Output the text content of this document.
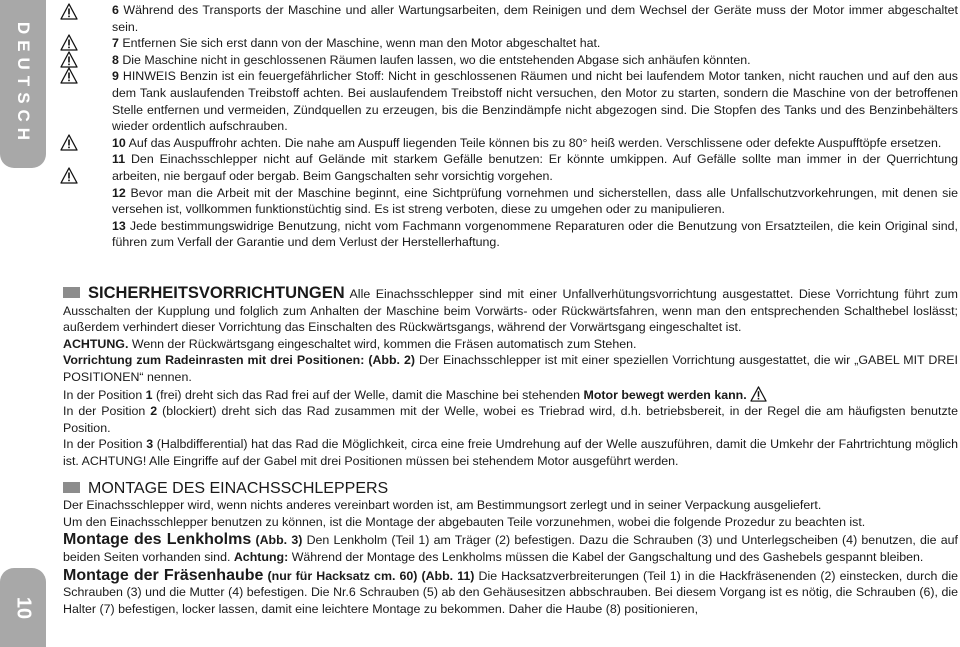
DEUTSCH
10

6 Während des Transports der Maschine und aller Wartungsarbeiten, dem Reinigen und dem Wechsel der Geräte muss der Motor immer abgeschaltet sein.

7 Entfernen Sie sich erst dann von der Maschine, wenn man den Motor abgeschaltet hat.

8 Die Maschine nicht in geschlossenen Räumen laufen lassen, wo die entstehenden Abgase sich anhäufen könnten.

9 HINWEIS Benzin ist ein feuergefährlicher Stoff: Nicht in geschlossenen Räumen und nicht bei laufendem Motor tanken, nicht rauchen und auf den aus dem Tank auslaufenden Treibstoff achten. Bei auslaufendem Treibstoff nicht versuchen, den Motor zu starten, sondern die Maschine von der betroffenen Stelle entfernen und vermeiden, Zündquellen zu erzeugen, bis die Benzindämpfe nicht abgezogen sind. Die Stopfen des Tanks und des Benzinbehälters wieder ordentlich aufschrauben.

10 Auf das Auspuffrohr achten. Die nahe am Auspuff liegenden Teile können bis zu 80° heiß werden. Verschlissene oder defekte Auspufftöpfe ersetzen.

11 Den Einachsschlepper nicht auf Gelände mit starkem Gefälle benutzen: Er könnte umkippen. Auf Gefälle sollte man immer in der Querrichtung arbeiten, nie bergauf oder bergab. Beim Gangschalten sehr vorsichtig vorgehen.

12 Bevor man die Arbeit mit der Maschine beginnt, eine Sichtprüfung vornehmen und sicherstellen, dass alle Unfallschutzvorkehrungen, mit denen sie versehen ist, vollkommen funktionstüchtig sind. Es ist streng verboten, diese zu umgehen oder zu manipulieren.

13 Jede bestimmungswidrige Benutzung, nicht vom Fachmann vorgenommene Reparaturen oder die Benutzung von Ersatzteilen, die kein Original sind, führen zum Verfall der Garantie und dem Verlust der Herstellerhaftung.

SICHERHEITSVORRICHTUNGEN Alle Einachsschlepper sind mit einer Unfallverhütungsvorrichtung ausgestattet. Diese Vorrichtung führt zum Ausschalten der Kupplung und folglich zum Anhalten der Maschine beim Vorwärts- oder Rückwärtsfahren, wenn man den entsprechenden Schalthebel loslässt; außerdem verhindert dieser Vorrichtung das Einschalten des Rückwärtsgangs, während der Vorwärtsgang eingeschaltet ist.

ACHTUNG. Wenn der Rückwärtsgang eingeschaltet wird, kommen die Fräsen automatisch zum Stehen.

Vorrichtung zum Radeinrasten mit drei Positionen: (Abb. 2) Der Einachsschlepper ist mit einer speziellen Vorrichtung ausgestattet, die wir „GABEL MIT DREI POSITIONEN“ nennen.

In der Position 1 (frei) dreht sich das Rad frei auf der Welle, damit die Maschine bei stehenden Motor bewegt werden kann.

In der Position 2 (blockiert) dreht sich das Rad zusammen mit der Welle, wobei es Triebrad wird, d.h. betriebsbereit, in der Regel die am häufigsten benutzte Position.

In der Position 3 (Halbdifferential) hat das Rad die Möglichkeit, circa eine freie Umdrehung auf der Welle auszuführen, damit die Umkehr der Fahrtrichtung möglich ist. ACHTUNG! Alle Eingriffe auf der Gabel mit drei Positionen müssen bei stehendem Motor ausgeführt werden.

MONTAGE DES EINACHSSCHLEPPERS

Der Einachsschlepper wird, wenn nichts anderes vereinbart worden ist, am Bestimmungsort zerlegt und in seiner Verpackung ausgeliefert.

Um den Einachsschlepper benutzen zu können, ist die Montage der abgebauten Teile vorzunehmen, wobei die folgende Prozedur zu beachten ist.

Montage des Lenkholms (Abb. 3) Den Lenkholm (Teil 1) am Träger (2) befestigen. Dazu die Schrauben (3) und Unterlegscheiben (4) benutzen, die auf beiden Seiten vorhanden sind. Achtung: Während der Montage des Lenkholms müssen die Kabel der Gangschaltung und des Gashebels gespannt bleiben.

Montage der Fräsenhaube (nur für Hacksatz cm. 60) (Abb. 11) Die Hacksatzverbreiterungen (Teil 1) in die Hackfräsenenden (2) einstecken, durch die Schrauben (3) und die Mutter (4) befestigen. Die Nr.6 Schrauben (5) ab den Gehäusesitzen abbschrauben. Bei diesem Vorgang ist es nötig, die Schrauben (6), die Halter (7) befestigen, locker lassen, damit eine leichtere Montage zu bekommen. Daher die Haube (8) positionieren,
